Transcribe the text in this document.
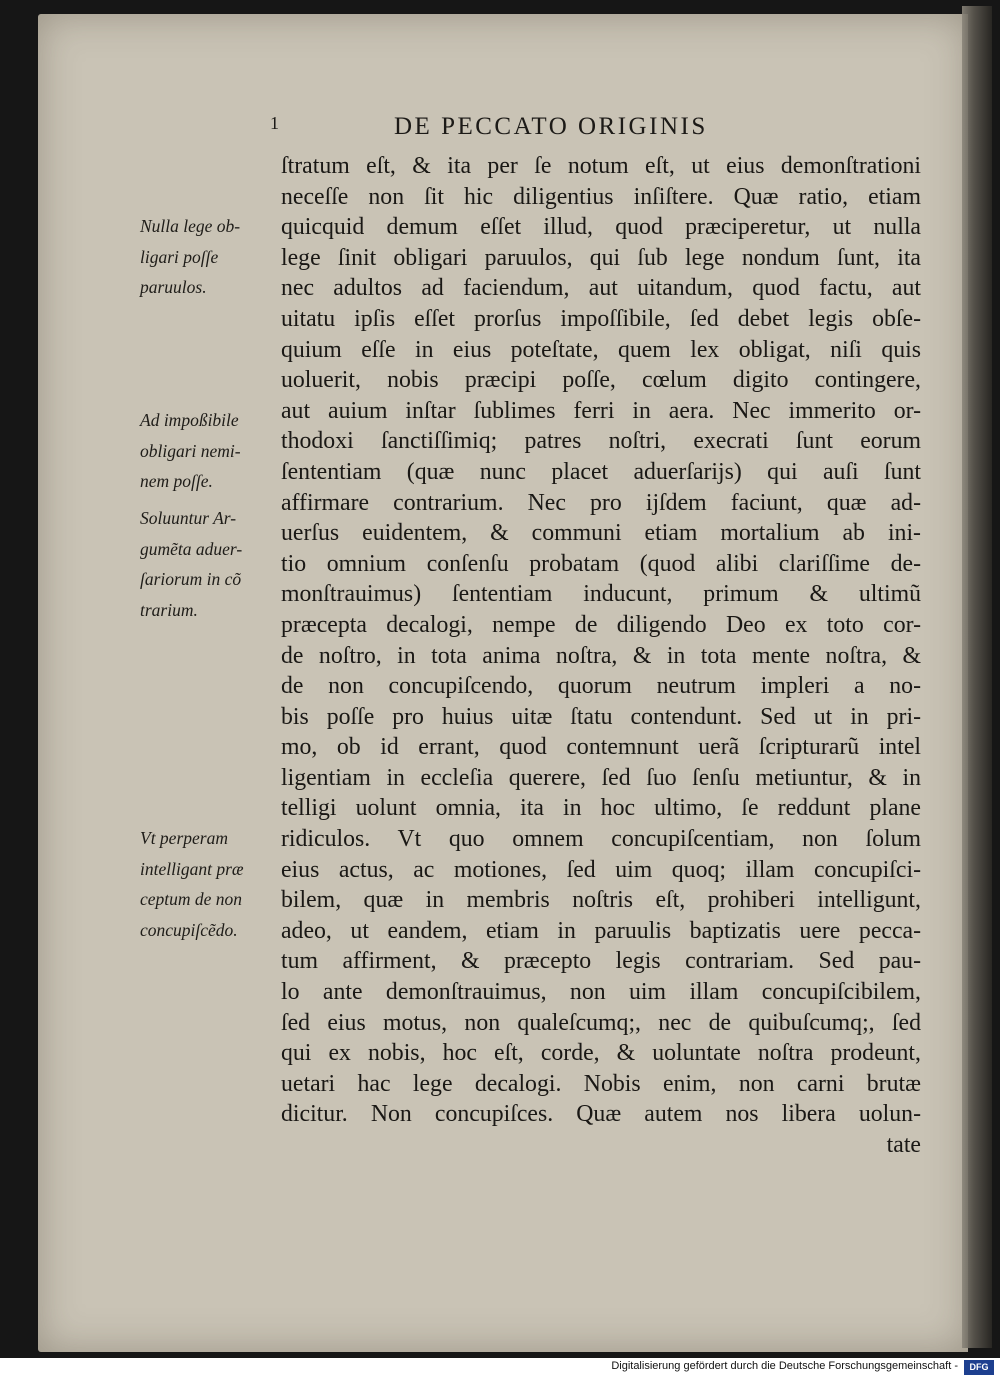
1	DE PECCATO ORIGINIS
Nulla lege ob-
ligari poſſe
paruulos.
Ad impoßibile
obligari nemi-
nem poſſe.
Soluuntur Ar-
gumẽta aduer-
ſariorum in cõ
trarium.
Vt perperam
intelligant præ
ceptum de non
concupiſcẽdo.
ſtratum eſt, & ita per ſe notum eſt, ut eius demonſtrationi
neceſſe non ſit hic diligentius inſiſtere. Quæ ratio, etiam
quicquid demum eſſet illud, quod præciperetur, ut nulla
lege ſinit obligari paruulos, qui ſub lege nondum ſunt, ita
nec adultos ad faciendum, aut uitandum, quod factu, aut
uitatu ipſis eſſet prorſus impoſſibile, ſed debet legis obſe-
quium eſſe in eius poteſtate, quem lex obligat, niſi quis
uoluerit, nobis præcipi poſſe, cœlum digito contingere,
aut auium inſtar ſublimes ferri in aera. Nec immerito or-
thodoxi ſanctiſſimiq; patres noſtri, execrati ſunt eorum
ſententiam (quæ nunc placet aduerſarijs) qui auſi ſunt
affirmare contrarium. Nec pro ijſdem faciunt, quæ ad-
uerſus euidentem, & communi etiam mortalium ab ini-
tio omnium conſenſu probatam (quod alibi clariſſime de-
monſtrauimus) ſententiam inducunt, primum & ultimũ
præcepta decalogi, nempe de diligendo Deo ex toto cor-
de noſtro, in tota anima noſtra, & in tota mente noſtra, &
de non concupiſcendo, quorum neutrum impleri a no-
bis poſſe pro huius uitæ ſtatu contendunt. Sed ut in pri-
mo, ob id errant, quod contemnunt uerã ſcripturarũ intel
ligentiam in eccleſia querere, ſed ſuo ſenſu metiuntur, & in
telligi uolunt omnia, ita in hoc ultimo, ſe reddunt plane
ridiculos. Vt quo omnem concupiſcentiam, non ſolum
eius actus, ac motiones, ſed uim quoq; illam concupiſci-
bilem, quæ in membris noſtris eſt, prohiberi intelligunt,
adeo, ut eandem, etiam in paruulis baptizatis uere pecca-
tum affirment, & præcepto legis contrariam. Sed pau-
lo ante demonſtrauimus, non uim illam concupiſcibilem,
ſed eius motus, non qualeſcumq;, nec de quibuſcumq;, ſed
qui ex nobis, hoc eſt, corde, & uoluntate noſtra prodeunt,
uetari hac lege decalogi. Nobis enim, non carni brutæ
dicitur. Non concupiſces. Quæ autem nos libera uolun-
tate
Digitalisierung gefördert durch die Deutsche Forschungsgemeinschaft -	DFG
